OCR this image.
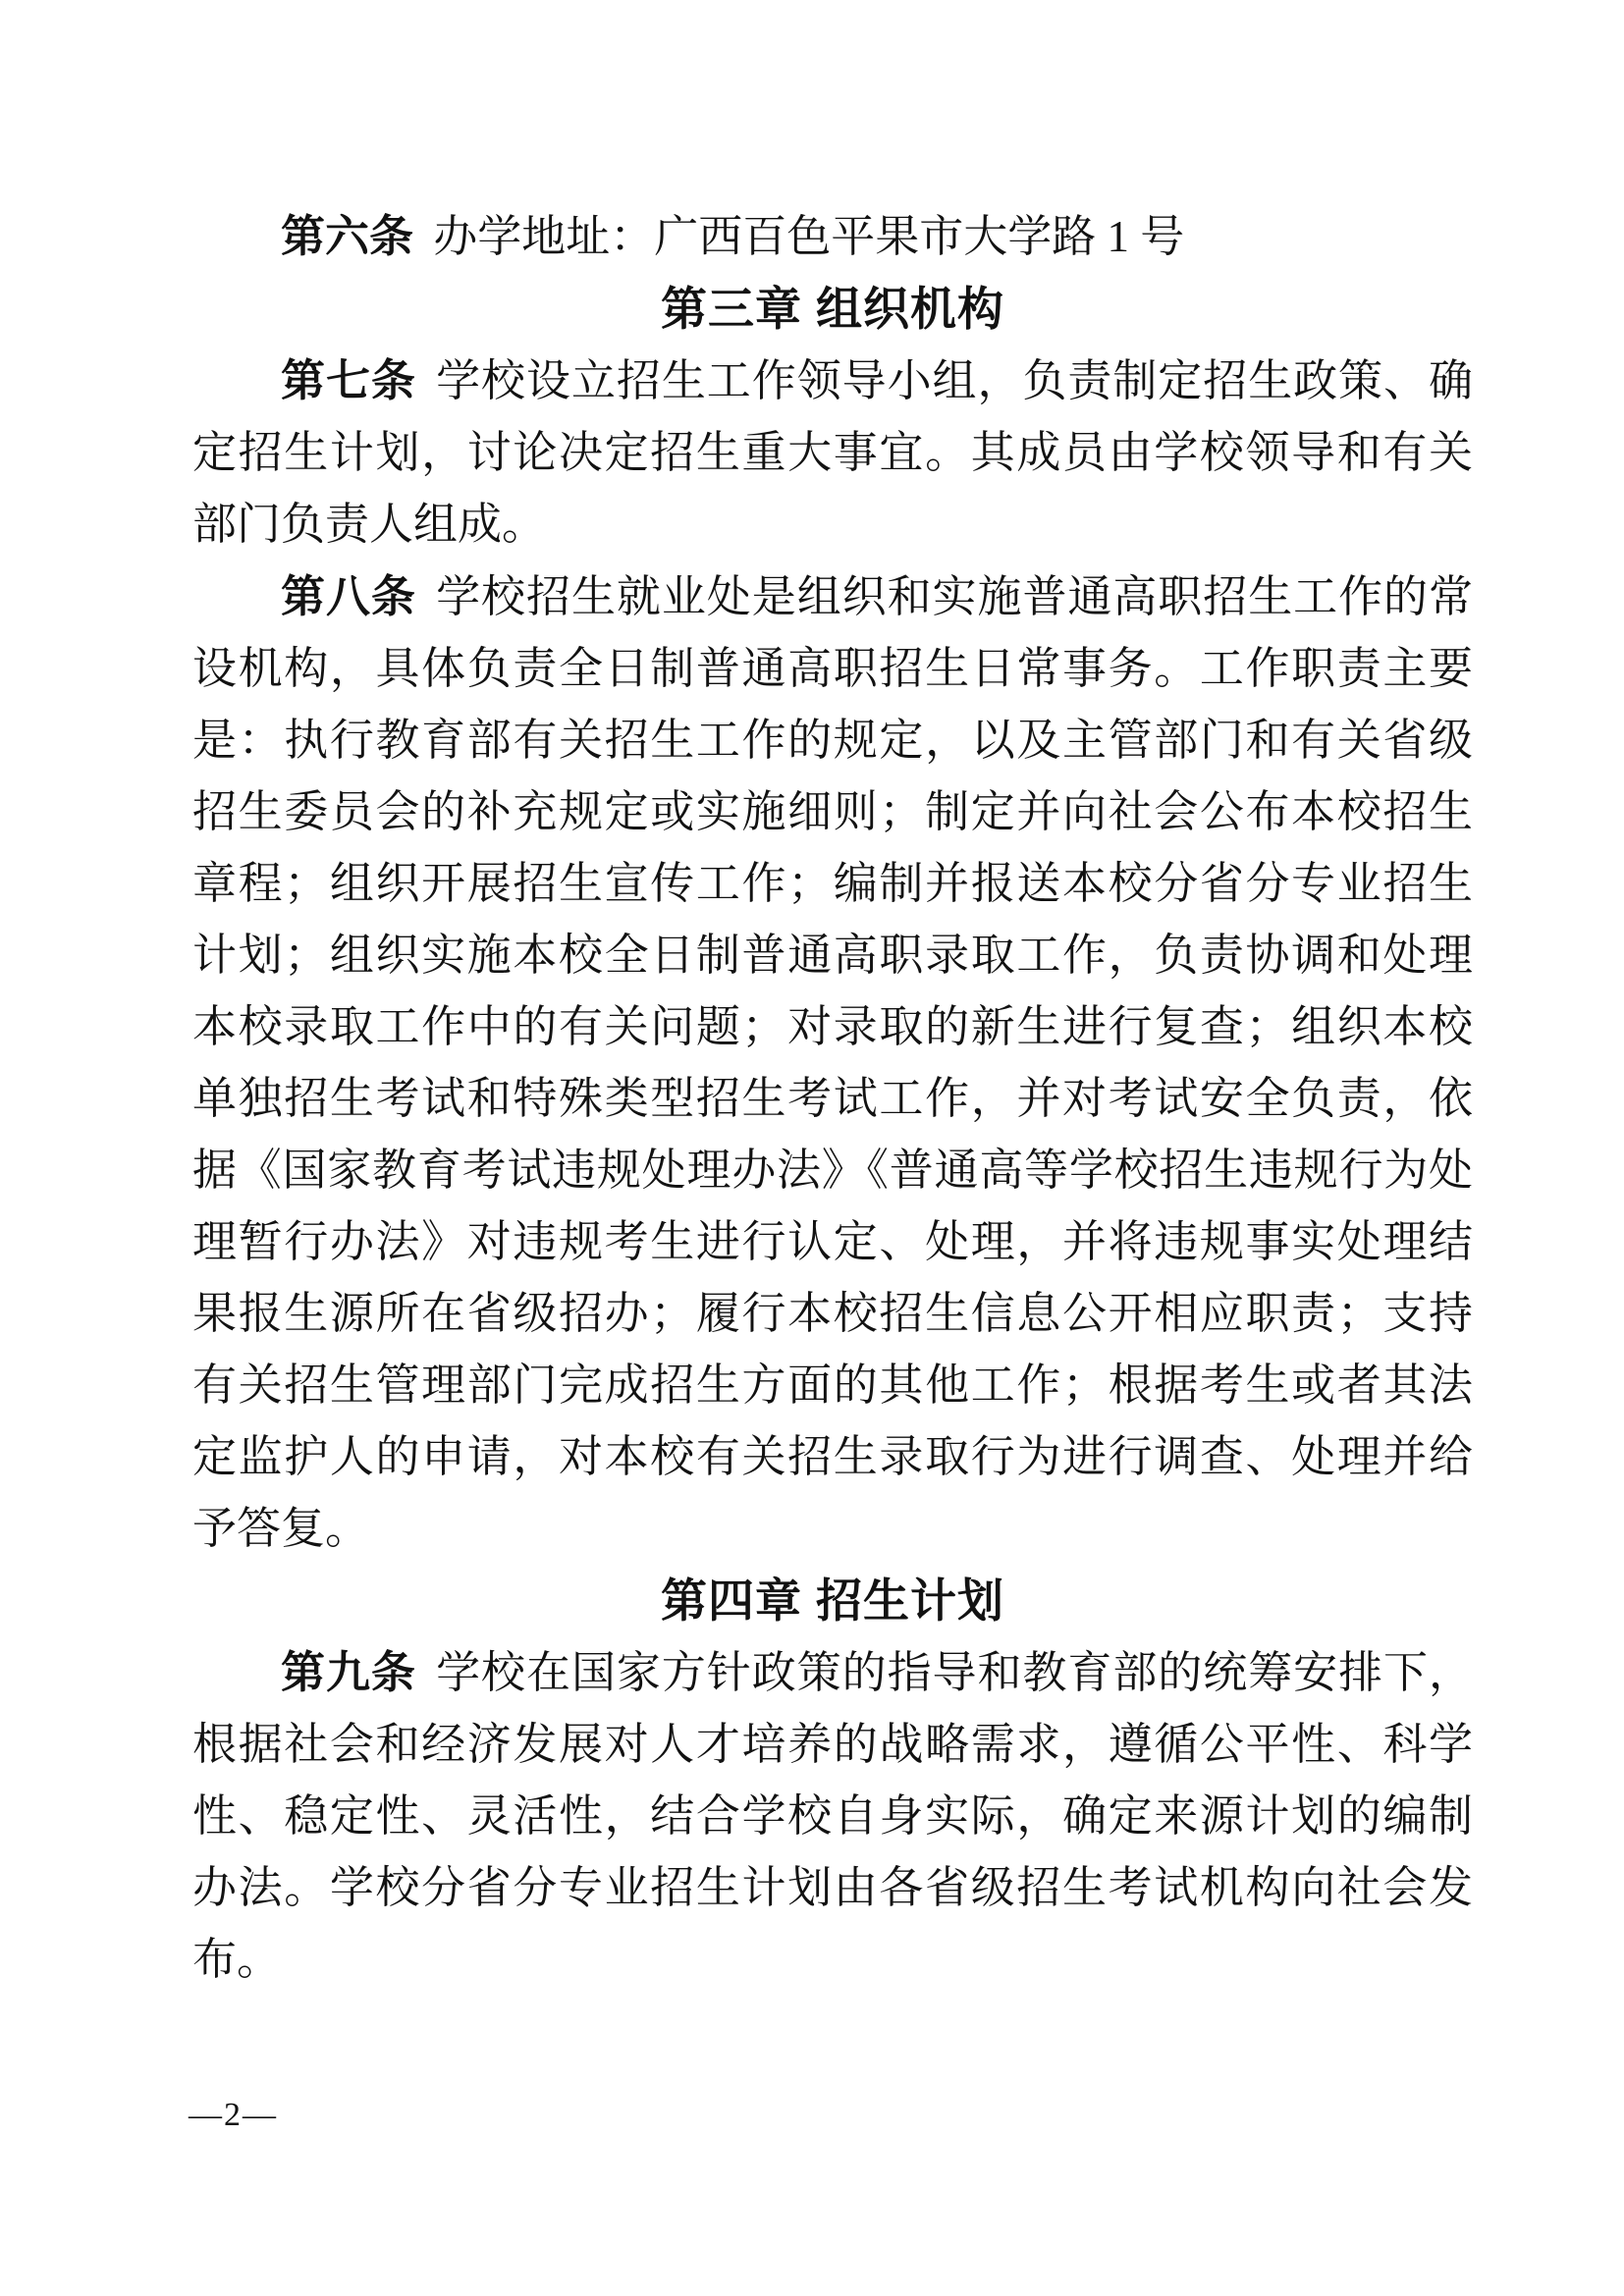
第六条 办学地址：广西百色平果市大学路 1 号

第三章 组织机构

第七条 学校设立招生工作领导小组，负责制定招生政策、确定招生计划，讨论决定招生重大事宜。其成员由学校领导和有关部门负责人组成。

第八条 学校招生就业处是组织和实施普通高职招生工作的常设机构，具体负责全日制普通高职招生日常事务。工作职责主要是：执行教育部有关招生工作的规定，以及主管部门和有关省级招生委员会的补充规定或实施细则；制定并向社会公布本校招生章程；组织开展招生宣传工作；编制并报送本校分省分专业招生计划；组织实施本校全日制普通高职录取工作，负责协调和处理本校录取工作中的有关问题；对录取的新生进行复查；组织本校单独招生考试和特殊类型招生考试工作，并对考试安全负责，依据《国家教育考试违规处理办法》《普通高等学校招生违规行为处理暂行办法》对违规考生进行认定、处理，并将违规事实处理结果报生源所在省级招办；履行本校招生信息公开相应职责；支持有关招生管理部门完成招生方面的其他工作；根据考生或者其法定监护人的申请，对本校有关招生录取行为进行调查、处理并给予答复。

第四章 招生计划

第九条 学校在国家方针政策的指导和教育部的统筹安排下，根据社会和经济发展对人才培养的战略需求，遵循公平性、科学性、稳定性、灵活性，结合学校自身实际，确定来源计划的编制办法。学校分省分专业招生计划由各省级招生考试机构向社会发布。

—2—
